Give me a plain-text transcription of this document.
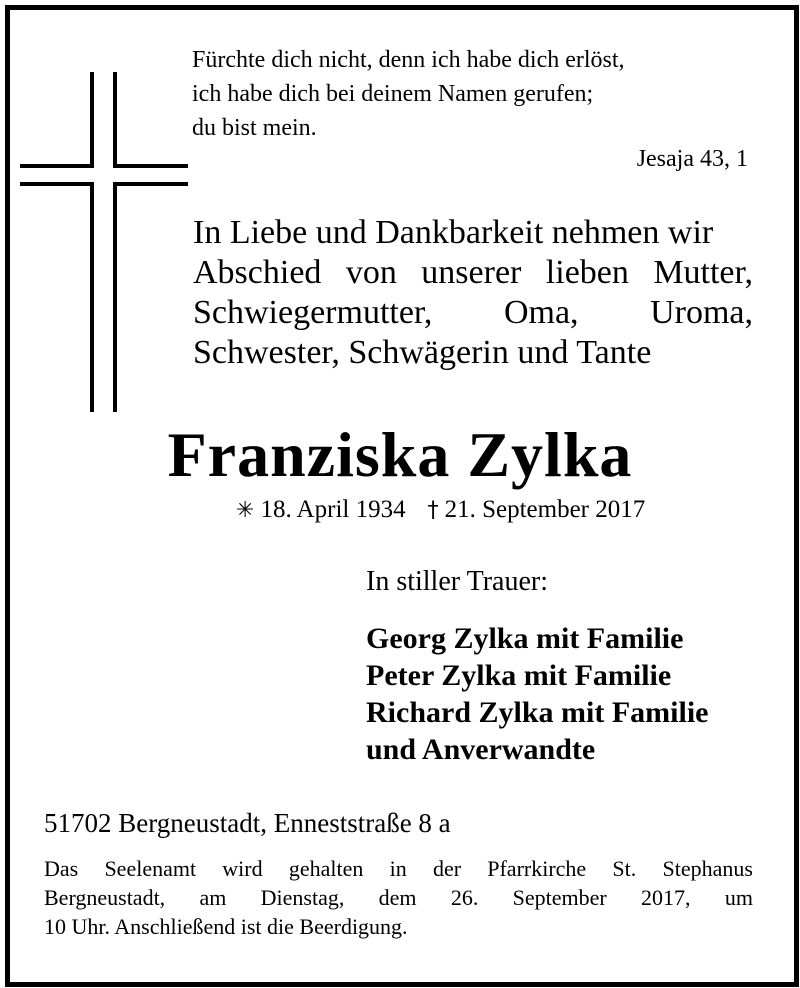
Fürchte dich nicht, denn ich habe dich erlöst,
ich habe dich bei deinem Namen gerufen;
du bist mein.
Jesaja 43, 1
In Liebe und Dankbarkeit nehmen wir
Abschied von unserer lieben Mutter,
Schwiegermutter, Oma, Uroma,
Schwester, Schwägerin und Tante
Franziska Zylka
✳ 18. April 1934 † 21. September 2017
In stiller Trauer:
Georg Zylka mit Familie
Peter Zylka mit Familie
Richard Zylka mit Familie
und Anverwandte
51702 Bergneustadt, Enneststraße 8 a
Das Seelenamt wird gehalten in der Pfarrkirche St. Stephanus
Bergneustadt, am Dienstag, dem 26. September 2017, um
10 Uhr. Anschließend ist die Beerdigung.
